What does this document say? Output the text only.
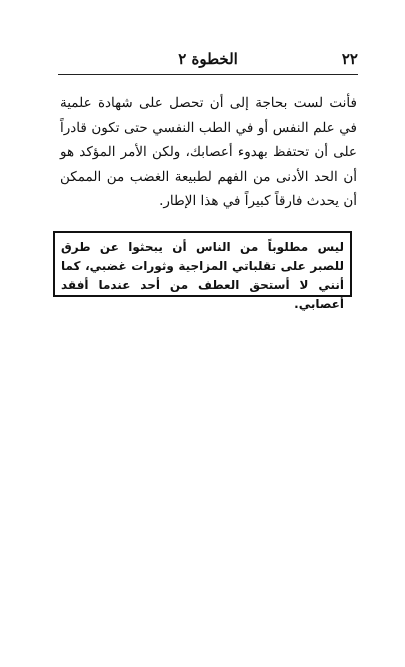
٢٢
الخطوة ٢

فأنت لست بحاجة إلى أن تحصل على شهادة علمية في علم النفس أو في الطب النفسي حتى تكون قادراً على أن تحتفظ بهدوء أعصابك، ولكن الأمر المؤكد هو أن الحد الأدنى من الفهم لطبيعة الغضب من الممكن أن يحدث فارقاً كبيراً في هذا الإطار.

ليس مطلوباً من الناس أن يبحثوا عن طرق للصبر على تقلباتي المزاجية وثورات غضبي، كما أنني لا أستحق العطف من أحد عندما أفقد أعصابي.
